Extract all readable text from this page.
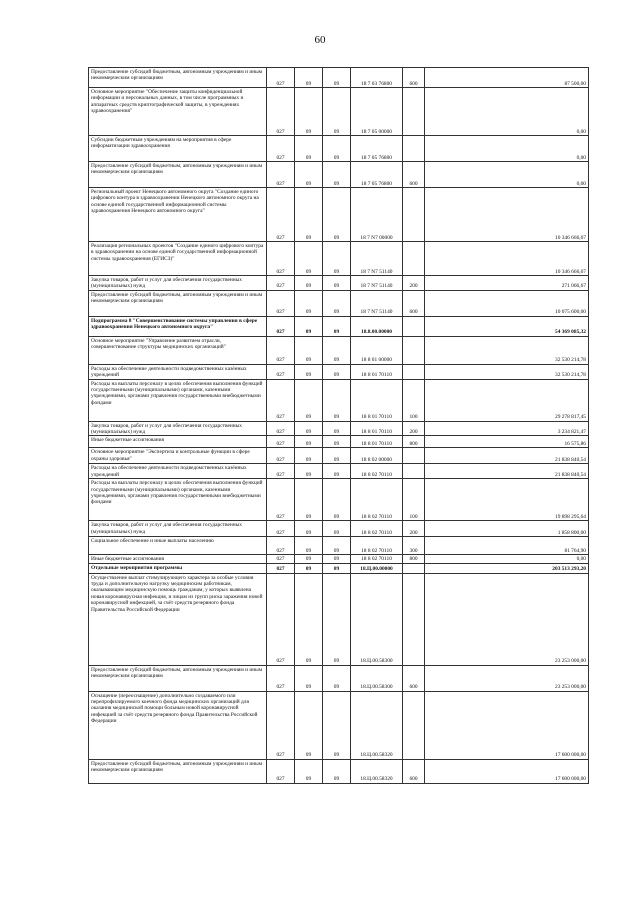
60
Предоставление субсидий бюджетным, автономным учреждениям и иным некоммерческим организациям	027	09	09	18 7 03 76800	600	87 500,00
Основное мероприятие "Обеспечение защиты конфиденциальной информации и персональных данных, в том числе программных и аппаратных средств криптографической защиты, в учреждениях здравоохранения"	027	09	09	18 7 05 00000		0,00
Субсидии бюджетным учреждениям на мероприятия в сфере информатизации здравоохранения	027	09	09	18 7 05 76800		0,00
Предоставление субсидий бюджетным, автономным учреждениям и иным некоммерческим организациям	027	09	09	18 7 05 76800	600	0,00
Региональный проект Ненецкого автономного округа "Создание единого цифрового контура в здравоохранении Ненецкого автономного округа на основе единой государственной информационной системы здравоохранения Ненецкого автономного округа"	027	09	09	18 7 N7 00000		10 346 666,67
Реализация региональных проектов "Создание единого цифрового контура в здравоохранении на основе единой государственной информационной системы здравоохранения (ЕГИСЗ)"	027	09	09	18 7 N7 51140		10 346 666,67
Закупка товаров, работ и услуг для обеспечения государственных (муниципальных) нужд	027	09	09	18 7 N7 51140	200	271 066,67
Предоставление субсидий бюджетным, автономным учреждениям и иным некоммерческим организациям	027	09	09	18 7 N7 51140	600	10 075 600,00
Подпрограмма 8 "Совершенствование системы управления в сфере здравоохранения Ненецкого автономного округа"	027	09	09	18.8.00.00000		54 369 085,32
Основное мероприятие "Управление развитием отрасли, совершенствование структуры медицинских организаций"	027	09	09	18 8 01 00000		32 530 214,78
Расходы на обеспечение деятельности подведомственных казённых учреждений	027	09	09	18 8 01 70110		32 530 214,78
Расходы на выплаты персоналу в целях обеспечения выполнения функций государственными (муниципальными) органами, казенными учреждениями, органами управления государственными внебюджетными фондами	027	09	09	18 8 01 70110	100	29 278 817,45
Закупка товаров, работ и услуг для обеспечения государственных (муниципальных) нужд	027	09	09	18 8 01 70110	200	3 234 821,47
Иные бюджетные ассигнования	027	09	09	18 8 01 70110	800	16 575,86
Основное мероприятие "Экспертиза и контрольные функции в сфере охраны здоровья"	027	09	09	18 8 02 00000		21 838 840,54
Расходы на обеспечение деятельности подведомственных казённых учреждений	027	09	09	18 8 02 70110		21 838 840,54
Расходы на выплаты персоналу в целях обеспечения выполнения функций государственными (муниципальными) органами, казенными учреждениями, органами управления государственными внебюджетными фондами	027	09	09	18 8 02 70110	100	19 898 295,64
Закупка товаров, работ и услуг для обеспечения государственных (муниципальных) нужд	027	09	09	18 8 02 70110	200	1 858 800,00
Социальное обеспечение и иные выплаты населению	027	09	09	18 8 02 70110	300	81 764,90
Иные бюджетные ассигнования	027	09	09	18 8 02 70110	800	0,00
Отдельные мероприятия программы	027	09	09	18.Ц.00.00000		203 513 293,20
Осуществление выплат стимулирующего характера за особые условия труда и дополнительную нагрузку медицинским работникам, оказывающим медицинскую помощь гражданам, у которых выявлена новая коронавирусная инфекция, и лицам из групп риска заражения новой коронавирусной инфекцией, за счёт средств резервного фонда Правительства Российской Федерации	027	09	09	18.Ц.00.58300		23 253 000,00
Предоставление субсидий бюджетным, автономным учреждениям и иным некоммерческим организациям	027	09	09	18.Ц.00.58300	600	23 253 000,00
Оснащение (переоснащение) дополнительно создаваемого или перепрофилируемого коечного фонда медицинских организаций для оказания медицинской помощи больным новой коронавирусной инфекцией за счёт средств резервного фонда Правительства Российской Федерации	027	09	09	18.Ц.00.58320		17 600 000,00
Предоставление субсидий бюджетным, автономным учреждениям и иным некоммерческим организациям	027	09	09	18.Ц.00.58320	600	17 600 000,00
